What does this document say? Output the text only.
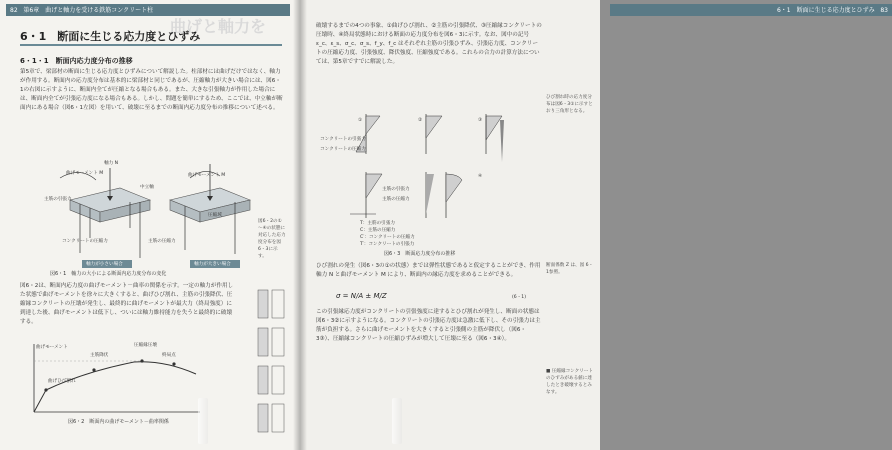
82 第6章　曲げと軸力を受ける鉄筋コンクリート柱
曲げと軸力を
6・1　断面に生じる応力度とひずみ
6・1・1　断面内応力度分布の推移
第5章で、梁部材の断面に生じる応力度とひずみについて解説した。柱部材には曲げだけではなく、軸力が作用する。断面内の応力度分布は基本的に梁部材と同じであるが、圧縮軸力が大きい場合には、図6・1の右図に示すように、断面内全てが圧縮となる場合もある。また、大きな引張軸力が作用した場合には、断面内全てが引張応力度になる場合もある。しかし、問題を簡単にするため、ここでは、中立軸が断面内にある場合（図6・1左図）を用いて、破壊に至るまでの断面内応力度分布の推移について述べる。
軸力 N
曲げモーメント M	曲げモーメント M
主筋の引張力
コンクリートの圧縮力	主筋の圧縮力
中立軸
圧縮域
軸力が小さい場合	軸力が大きい場合
図6・1　軸力の大小による断面内応力度分布の変化
図6・2は、断面内応力度の曲げモーメント－曲率の関係を示す。一定の軸力が作用した状態で曲げモーメントを徐々に大きくすると、曲げひび割れ、主筋の引張降伏、圧縮縁コンクリートの圧壊が発生し、最終的に曲げモーメントが最大力（終局強度）に到達した後、曲げモーメントは低下し、ついには軸力維持能力を失うと最終的に破壊する。
曲げモーメント
曲げひび割れ
主筋降伏
圧縮縁圧壊
終局点
図6・2　断面内の曲げモーメント－曲率関係
図6・2の①～④の状態に対応した応力度分布を図6・3に示す。
6・1　断面に生じる応力度とひずみ 83
破壊するまでの4つの事象、①曲げひび割れ、②主筋の引張降伏、③圧縮縁コンクリートの圧壊時、④終局状態時における断面の応力度分布を図6・3に示す。なお、図中の記号 ε_c、ε_s、σ_c、σ_s、f_y、f_c はそれぞれ主筋の引張ひずみ、引張応力度、コンクリートの圧縮応力度、引張強度、降伏強度、圧縮強度である。これらの合力の計算方法については、第5章ですでに解説した。
①	②	③
④
コンクリートの引張力
コンクリートの圧縮力
主筋の引張力
主筋の圧縮力
T：主筋の引張力
C：主筋の圧縮力
C′：コンクリートの圧縮力
T′：コンクリートの引張力
図6・3　断面応力度分布の推移
ひび割れの発生（図6・3の①の状態）までは弾性状態であると仮定することができ、作用軸力 N と曲げモーメント M により、断面内の縁応力度を求めることができる。
σ = N/A ± M/Z	(6・1)
この引張縁応力度がコンクリートの引張強度に達するとひび割れが発生し、断面の状態は図6・3②に示すようになる。コンクリートの引張応力度は急激に低下し、その引張力は主筋が負担する。さらに曲げモーメントを大きくすると引張側の主筋が降伏し（図6・3③）、圧縮縁コンクリートの圧縮ひずみが増大して圧壊に至る（図6・3④）。
ひび割れ時の応力度分布は図6・3①に示すとおり三角形となる。
断面係数 Z は、図 6・1参照。
■ 圧縮縁コンクリートのひずみがある値に達したとき破壊するとみなす。
